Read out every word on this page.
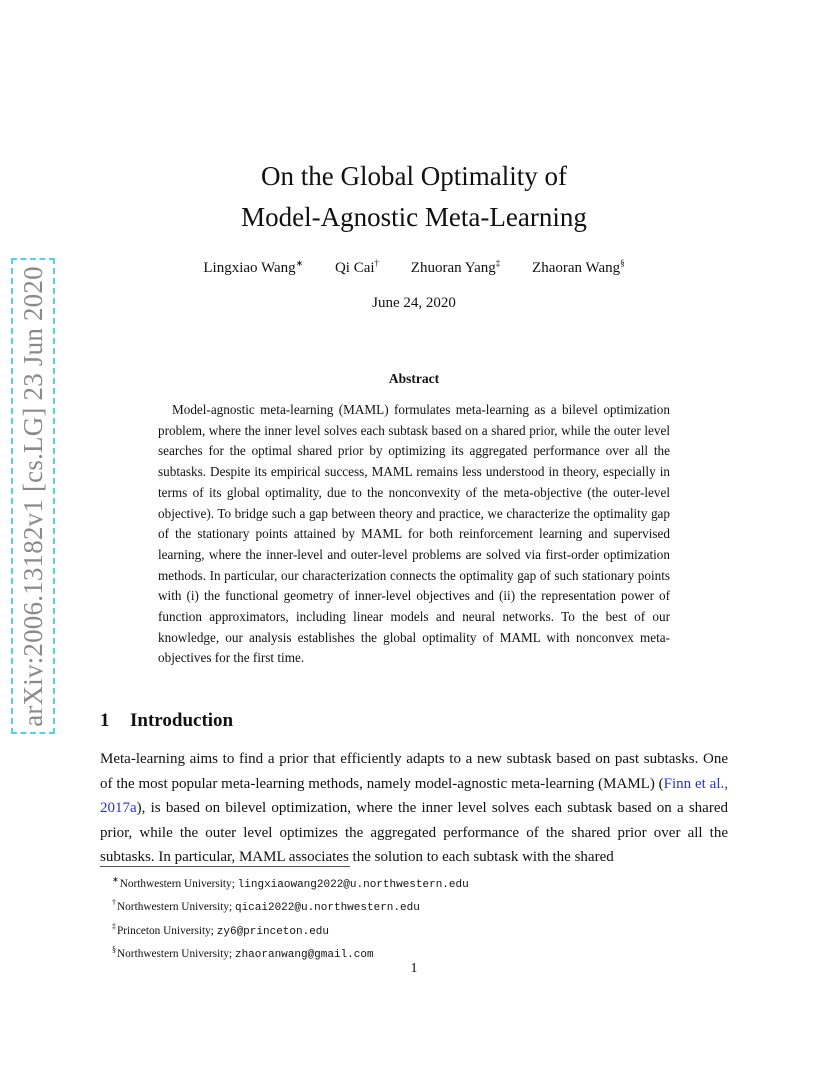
arXiv:2006.13182v1 [cs.LG] 23 Jun 2020
On the Global Optimality of
Model-Agnostic Meta-Learning
Lingxiao Wang∗ Qi Cai† Zhuoran Yang‡ Zhaoran Wang§
June 24, 2020
Abstract

Model-agnostic meta-learning (MAML) formulates meta-learning as a bilevel optimization problem, where the inner level solves each subtask based on a shared prior, while the outer level searches for the optimal shared prior by optimizing its aggregated performance over all the subtasks. Despite its empirical success, MAML remains less understood in theory, especially in terms of its global optimality, due to the nonconvexity of the meta-objective (the outer-level objective). To bridge such a gap between theory and practice, we characterize the optimality gap of the stationary points attained by MAML for both reinforcement learning and supervised learning, where the inner-level and outer-level problems are solved via first-order optimization methods. In particular, our characterization connects the optimality gap of such stationary points with (i) the functional geometry of inner-level objectives and (ii) the representation power of function approximators, including linear models and neural networks. To the best of our knowledge, our analysis establishes the global optimality of MAML with nonconvex meta-objectives for the first time.

1 Introduction

Meta-learning aims to find a prior that efficiently adapts to a new subtask based on past subtasks. One of the most popular meta-learning methods, namely model-agnostic meta-learning (MAML) (Finn et al., 2017a), is based on bilevel optimization, where the inner level solves each subtask based on a shared prior, while the outer level optimizes the aggregated performance of the shared prior over all the subtasks. In particular, MAML associates the solution to each subtask with the shared

∗Northwestern University; lingxiaowang2022@u.northwestern.edu
†Northwestern University; qicai2022@u.northwestern.edu
‡Princeton University; zy6@princeton.edu
§Northwestern University; zhaoranwang@gmail.com
1
